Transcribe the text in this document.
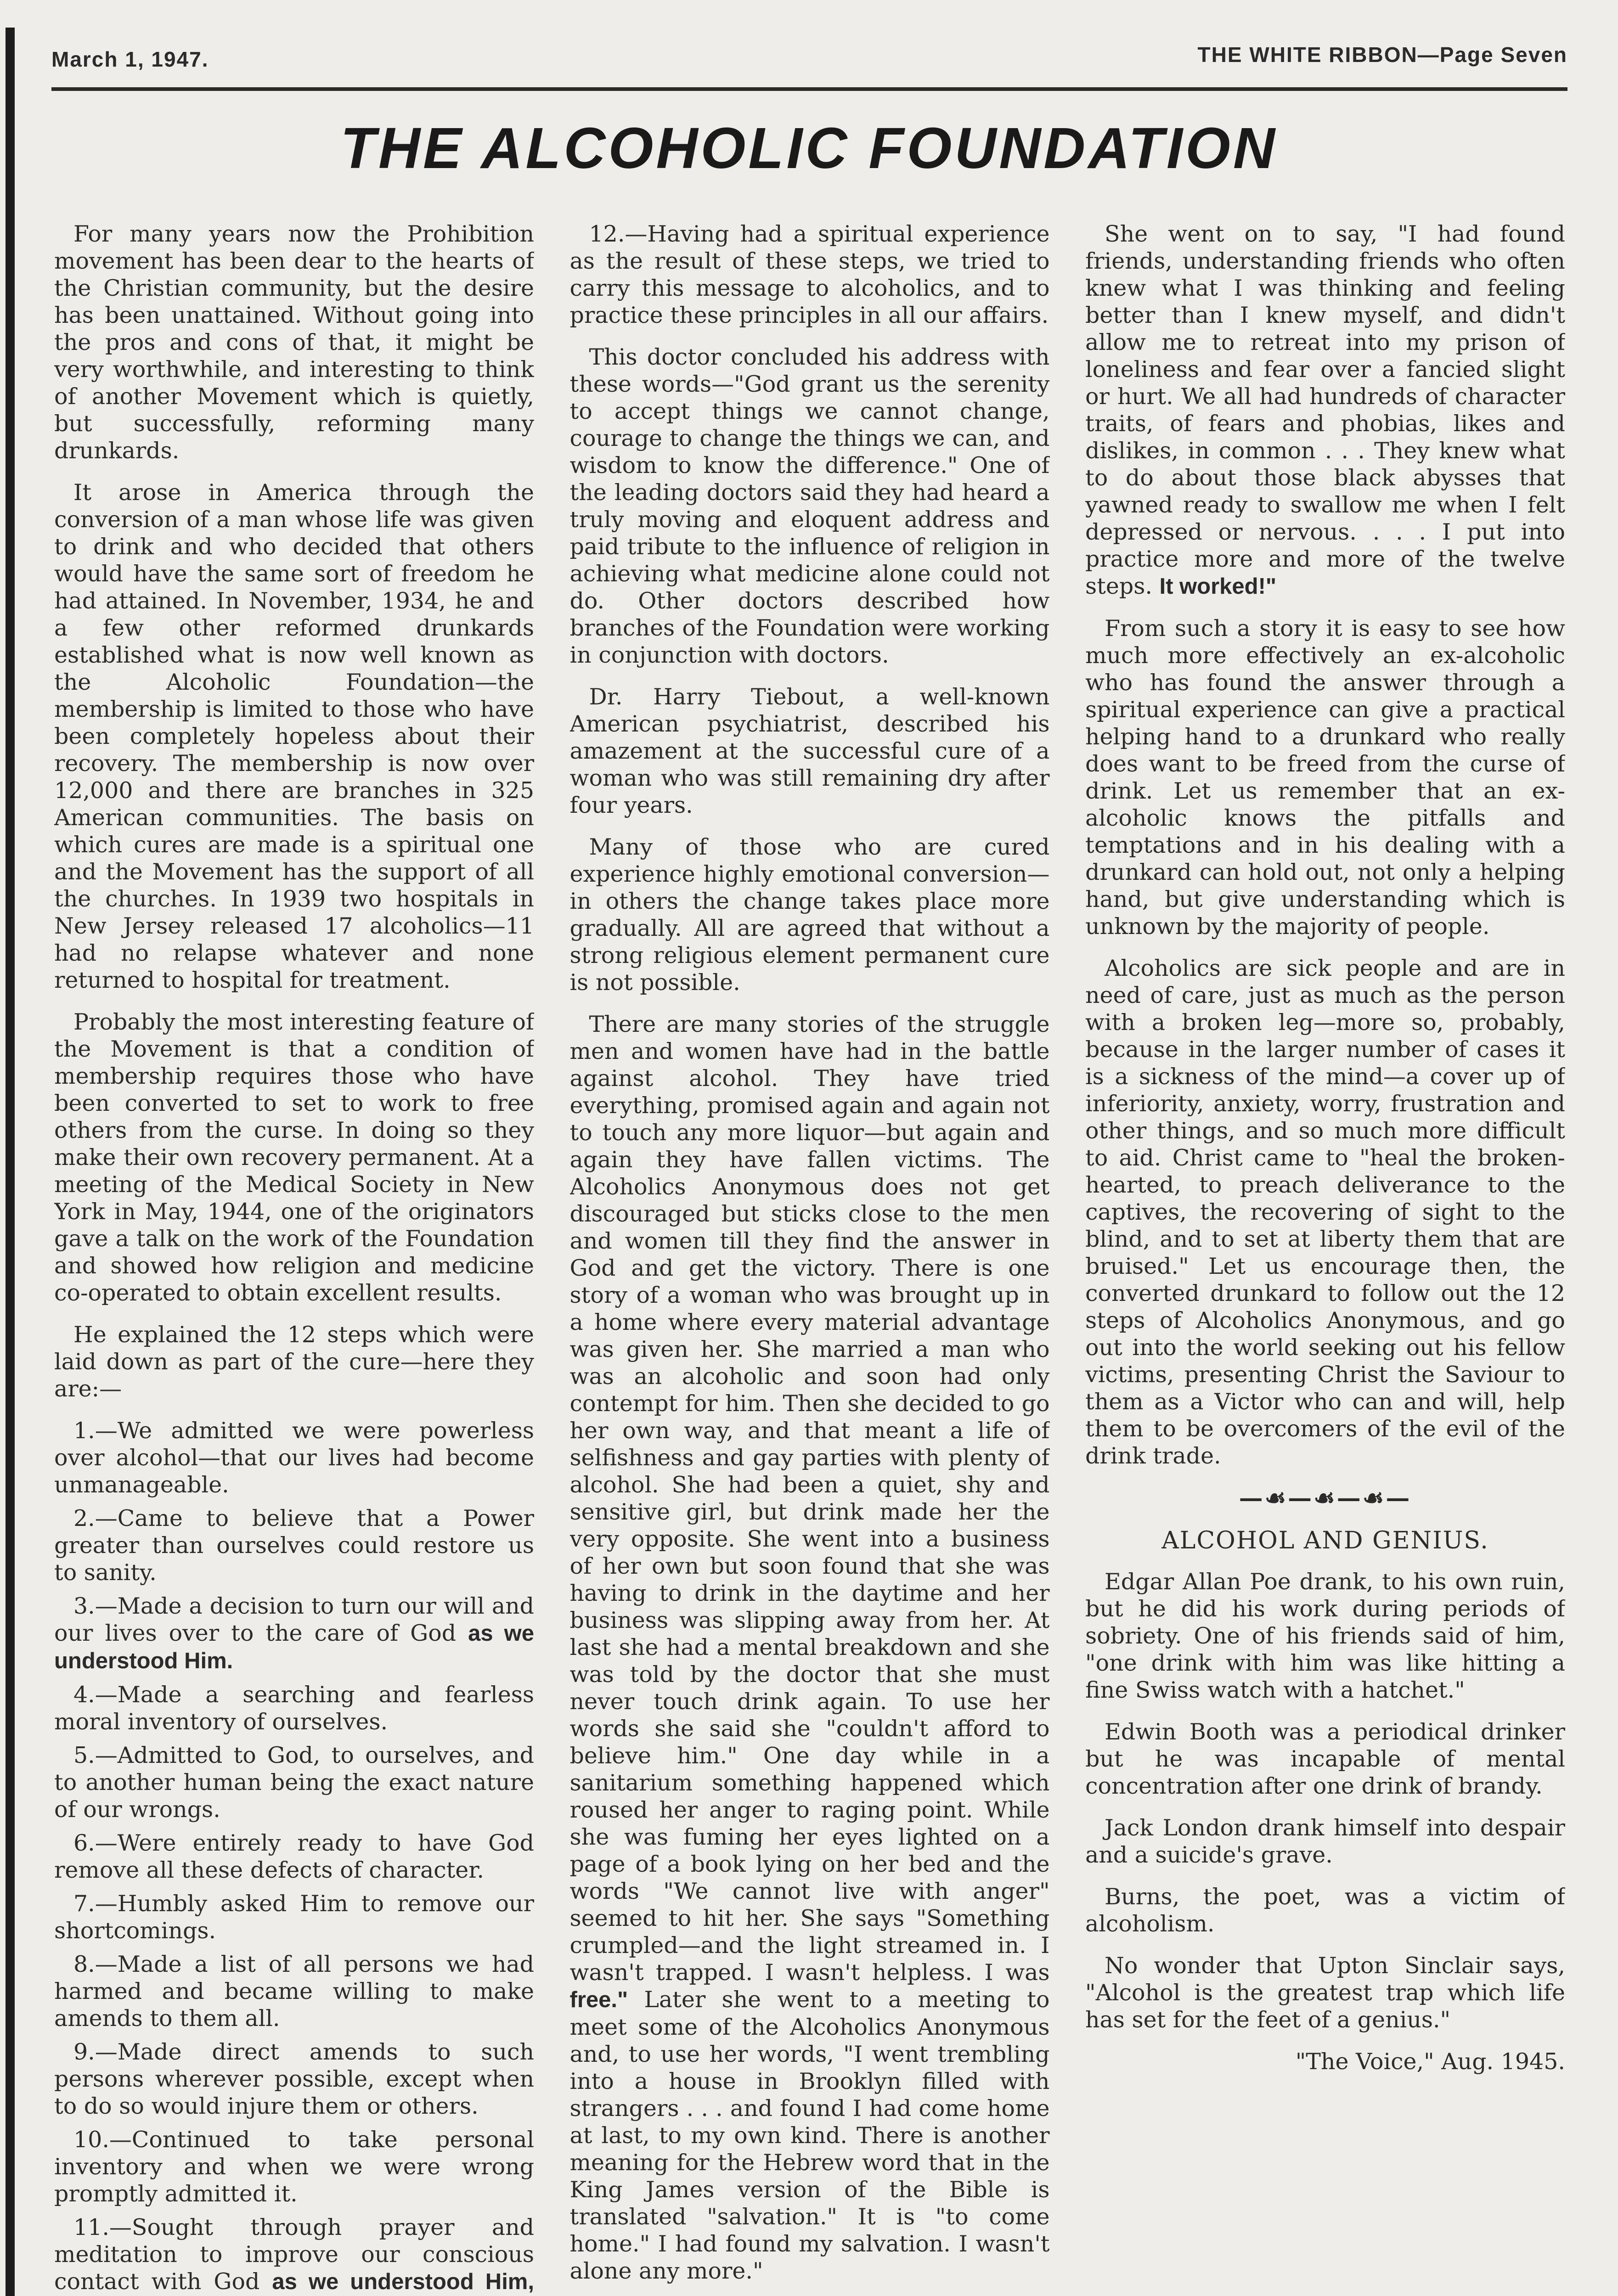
March 1, 1947.	THE WHITE RIBBON—Page Seven
THE ALCOHOLIC FOUNDATION

For many years now the Prohibition movement has been dear to the hearts of the Christian community, but the desire has been unattained. Without going into the pros and cons of that, it might be very worthwhile, and interesting to think of another Movement which is quietly, but successfully, reforming many drunkards.

It arose in America through the conversion of a man whose life was given to drink and who decided that others would have the same sort of freedom he had attained. In November, 1934, he and a few other reformed drunkards established what is now well known as the Alcoholic Foundation—the membership is limited to those who have been completely hopeless about their recovery. The membership is now over 12,000 and there are branches in 325 American communities. The basis on which cures are made is a spiritual one and the Movement has the support of all the churches. In 1939 two hospitals in New Jersey released 17 alcoholics—11 had no relapse whatever and none returned to hospital for treatment.

Probably the most interesting feature of the Movement is that a condition of membership requires those who have been converted to set to work to free others from the curse. In doing so they make their own recovery permanent. At a meeting of the Medical Society in New York in May, 1944, one of the originators gave a talk on the work of the Foundation and showed how religion and medicine co-operated to obtain excellent results.

He explained the 12 steps which were laid down as part of the cure—here they are:—

1.—We admitted we were powerless over alcohol—that our lives had become unmanageable.

2.—Came to believe that a Power greater than ourselves could restore us to sanity.

3.—Made a decision to turn our will and our lives over to the care of God as we understood Him.

4.—Made a searching and fearless moral inventory of ourselves.

5.—Admitted to God, to ourselves, and to another human being the exact nature of our wrongs.

6.—Were entirely ready to have God remove all these defects of character.

7.—Humbly asked Him to remove our shortcomings.

8.—Made a list of all persons we had harmed and became willing to make amends to them all.

9.—Made direct amends to such persons wherever possible, except when to do so would injure them or others.

10.—Continued to take personal inventory and when we were wrong promptly admitted it.

11.—Sought through prayer and meditation to improve our conscious contact with God as we understood Him,

12.—Having had a spiritual experience as the result of these steps, we tried to carry this message to alcoholics, and to practice these principles in all our affairs.

This doctor concluded his address with these words—"God grant us the serenity to accept things we cannot change, courage to change the things we can, and wisdom to know the difference." One of the leading doctors said they had heard a truly moving and eloquent address and paid tribute to the influence of religion in achieving what medicine alone could not do. Other doctors described how branches of the Foundation were working in conjunction with doctors.

Dr. Harry Tiebout, a well-known American psychiatrist, described his amazement at the successful cure of a woman who was still remaining dry after four years.

Many of those who are cured experience highly emotional conversion—in others the change takes place more gradually. All are agreed that without a strong religious element permanent cure is not possible.

There are many stories of the struggle men and women have had in the battle against alcohol. They have tried everything, promised again and again not to touch any more liquor—but again and again they have fallen victims. The Alcoholics Anonymous does not get discouraged but sticks close to the men and women till they find the answer in God and get the victory. There is one story of a woman who was brought up in a home where every material advantage was given her. She married a man who was an alcoholic and soon had only contempt for him. Then she decided to go her own way, and that meant a life of selfishness and gay parties with plenty of alcohol. She had been a quiet, shy and sensitive girl, but drink made her the very opposite. She went into a business of her own but soon found that she was having to drink in the daytime and her business was slipping away from her. At last she had a mental breakdown and she was told by the doctor that she must never touch drink again. To use her words she said she "couldn't afford to believe him." One day while in a sanitarium something happened which roused her anger to raging point. While she was fuming her eyes lighted on a page of a book lying on her bed and the words "We cannot live with anger" seemed to hit her. She says "Something crumpled—and the light streamed in. I wasn't trapped. I wasn't helpless. I was free." Later she went to a meeting to meet some of the Alcoholics Anonymous and, to use her words, "I went trembling into a house in Brooklyn filled with strangers . . . and found I had come home at last, to my own kind. There is another meaning for the Hebrew word that in the King James version of the Bible is translated "salvation." It is "to come home." I had found my salvation. I wasn't alone any more."

She went on to say, "I had found friends, understanding friends who often knew what I was thinking and feeling better than I knew myself, and didn't allow me to retreat into my prison of loneliness and fear over a fancied slight or hurt. We all had hundreds of character traits, of fears and phobias, likes and dislikes, in common . . . They knew what to do about those black abysses that yawned ready to swallow me when I felt depressed or nervous. . . . I put into practice more and more of the twelve steps. It worked!"

From such a story it is easy to see how much more effectively an ex-alcoholic who has found the answer through a spiritual experience can give a practical helping hand to a drunkard who really does want to be freed from the curse of drink. Let us remember that an ex-alcoholic knows the pitfalls and temptations and in his dealing with a drunkard can hold out, not only a helping hand, but give understanding which is unknown by the majority of people.

Alcoholics are sick people and are in need of care, just as much as the person with a broken leg—more so, probably, because in the larger number of cases it is a sickness of the mind—a cover up of inferiority, anxiety, worry, frustration and other things, and so much more difficult to aid. Christ came to "heal the broken-hearted, to preach deliverance to the captives, the recovering of sight to the blind, and to set at liberty them that are bruised." Let us encourage then, the converted drunkard to follow out the 12 steps of Alcoholics Anonymous, and go out into the world seeking out his fellow victims, presenting Christ the Saviour to them as a Victor who can and will, help them to be overcomers of the evil of the drink trade.

—☙—☙—☙—
ALCOHOL AND GENIUS.

Edgar Allan Poe drank, to his own ruin, but he did his work during periods of sobriety. One of his friends said of him, "one drink with him was like hitting a fine Swiss watch with a hatchet."

Edwin Booth was a periodical drinker but he was incapable of mental concentration after one drink of brandy.

Jack London drank himself into despair and a suicide's grave.

Burns, the poet, was a victim of alcoholism.

No wonder that Upton Sinclair says, "Alcohol is the greatest trap which life has set for the feet of a genius."

"The Voice," Aug. 1945.
